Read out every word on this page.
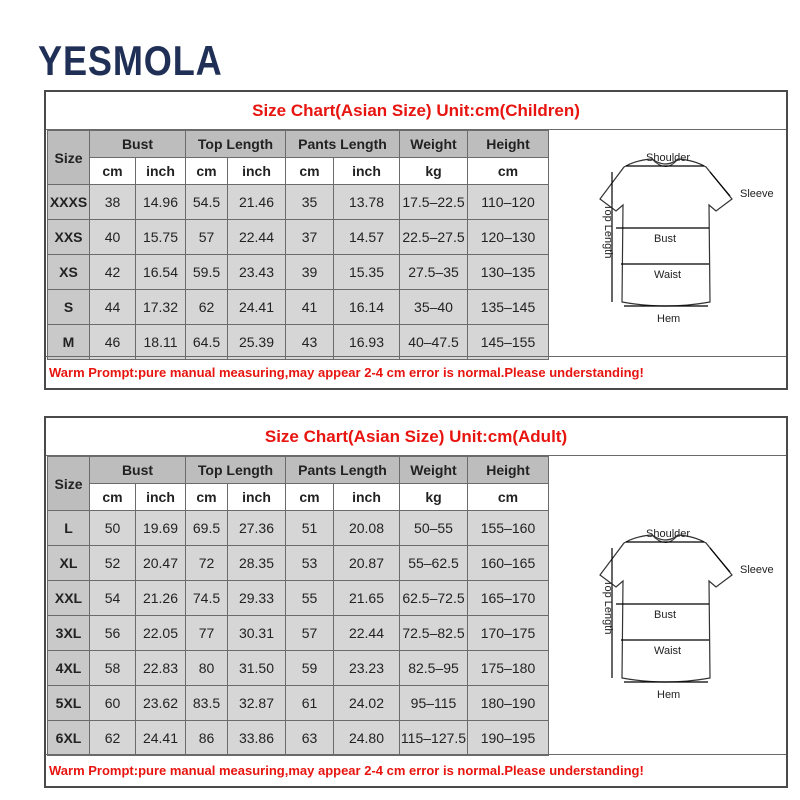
YESMOLA
Size Chart(Asian Size) Unit:cm(Children)
Size	Bust		Top Length		Pants Length		Weight	Height
	cm	inch	cm	inch	cm	inch	kg	cm
XXXS	38	14.96	54.5	21.46	35	13.78	17.5–22.5	110–120
XXS	40	15.75	57	22.44	37	14.57	22.5–27.5	120–130
XS	42	16.54	59.5	23.43	39	15.35	27.5–35	130–135
S	44	17.32	62	24.41	41	16.14	35–40	135–145
M	46	18.11	64.5	25.39	43	16.93	40–47.5	145–155
Shoulder
Sleeve
Bust
Waist
Hem
Top Length
Warm Prompt:pure manual measuring,may appear 2-4 cm error is normal.Please understanding!
Size Chart(Asian Size) Unit:cm(Adult)
Size	Bust		Top Length		Pants Length		Weight	Height
	cm	inch	cm	inch	cm	inch	kg	cm
L	50	19.69	69.5	27.36	51	20.08	50–55	155–160
XL	52	20.47	72	28.35	53	20.87	55–62.5	160–165
XXL	54	21.26	74.5	29.33	55	21.65	62.5–72.5	165–170
3XL	56	22.05	77	30.31	57	22.44	72.5–82.5	170–175
4XL	58	22.83	80	31.50	59	23.23	82.5–95	175–180
5XL	60	23.62	83.5	32.87	61	24.02	95–115	180–190
6XL	62	24.41	86	33.86	63	24.80	115–127.5	190–195
Shoulder
Sleeve
Bust
Waist
Hem
Top Length
Warm Prompt:pure manual measuring,may appear 2-4 cm error is normal.Please understanding!
